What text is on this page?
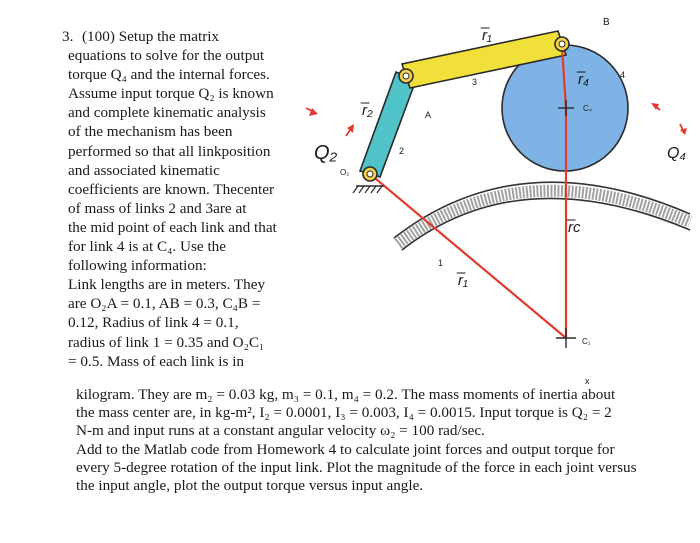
r̅₁
B
r̅₄	4
C₄
3
A
r̅₂
2
Q₂
O₂
Q₄
r̅c
1
r̅₁
C₁
x
3. (100) Setup the matrix
equations to solve for the output
torque Q₄ and the internal forces.
Assume input torque Q₂ is known
and complete kinematic analysis
of the mechanism has been
performed so that all linkposition
and associated kinematic
coefficients are known. Thecenter
of mass of links 2 and 3are at
the mid point of each link and that
for link 4 is at C₄. Use the
following information:
Link lengths are in meters. They
are O₂A = 0.1, AB = 0.3, C₄B =
0.12, Radius of link 4 = 0.1,
radius of link 1 = 0.35 and O₂C₁
= 0.5. Mass of each link is in
kilogram. They are m₂ = 0.03 kg, m₃ = 0.1, m₄ = 0.2. The mass moments of inertia about
the mass center are, in kg-m², I₂ = 0.0001, I₃ = 0.003, I₄ = 0.0015. Input torque is Q₂ = 2
N-m and input runs at a constant angular velocity ω₂ = 100 rad/sec.
Add to the Matlab code from Homework 4 to calculate joint forces and output torque for
every 5-degree rotation of the input link. Plot the magnitude of the force in each joint versus
the input angle, plot the output torque versus input angle.
